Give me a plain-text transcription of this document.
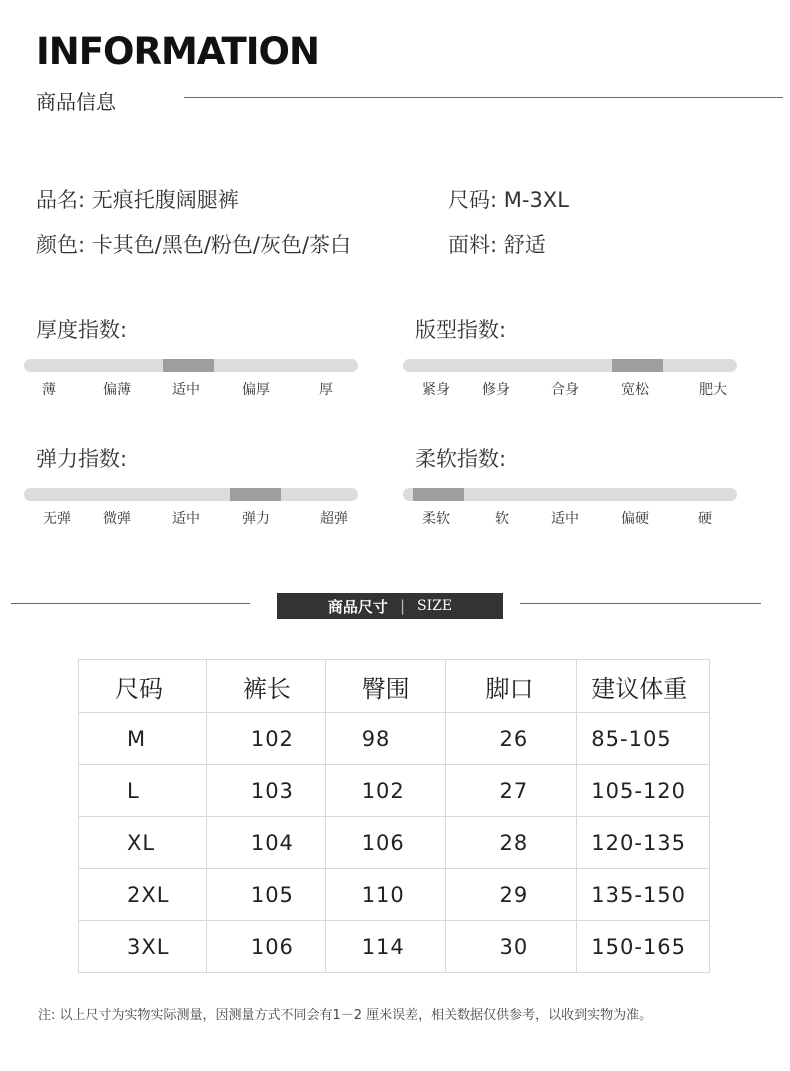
INFORMATION
商品信息
品名: 无痕托腹阔腿裤	尺码: M-3XL
颜色: 卡其色/黑色/粉色/灰色/茶白	面料: 舒适
厚度指数:
薄	偏薄	适中	偏厚	厚
版型指数:
紧身	修身	合身	宽松	肥大
弹力指数:
无弹	微弹	适中	弹力	超弹
柔软指数:
柔软	软	适中	偏硬	硬
商品尺寸 | SIZE
尺码	裤长	臀围	脚口	建议体重
M	102	98	26	85-105
L	103	102	27	105-120
XL	104	106	28	120-135
2XL	105	110	29	135-150
3XL	106	114	30	150-165
注: 以上尺寸为实物实际测量，因测量方式不同会有1－2 厘米误差，相关数据仅供参考，以收到实物为准。
